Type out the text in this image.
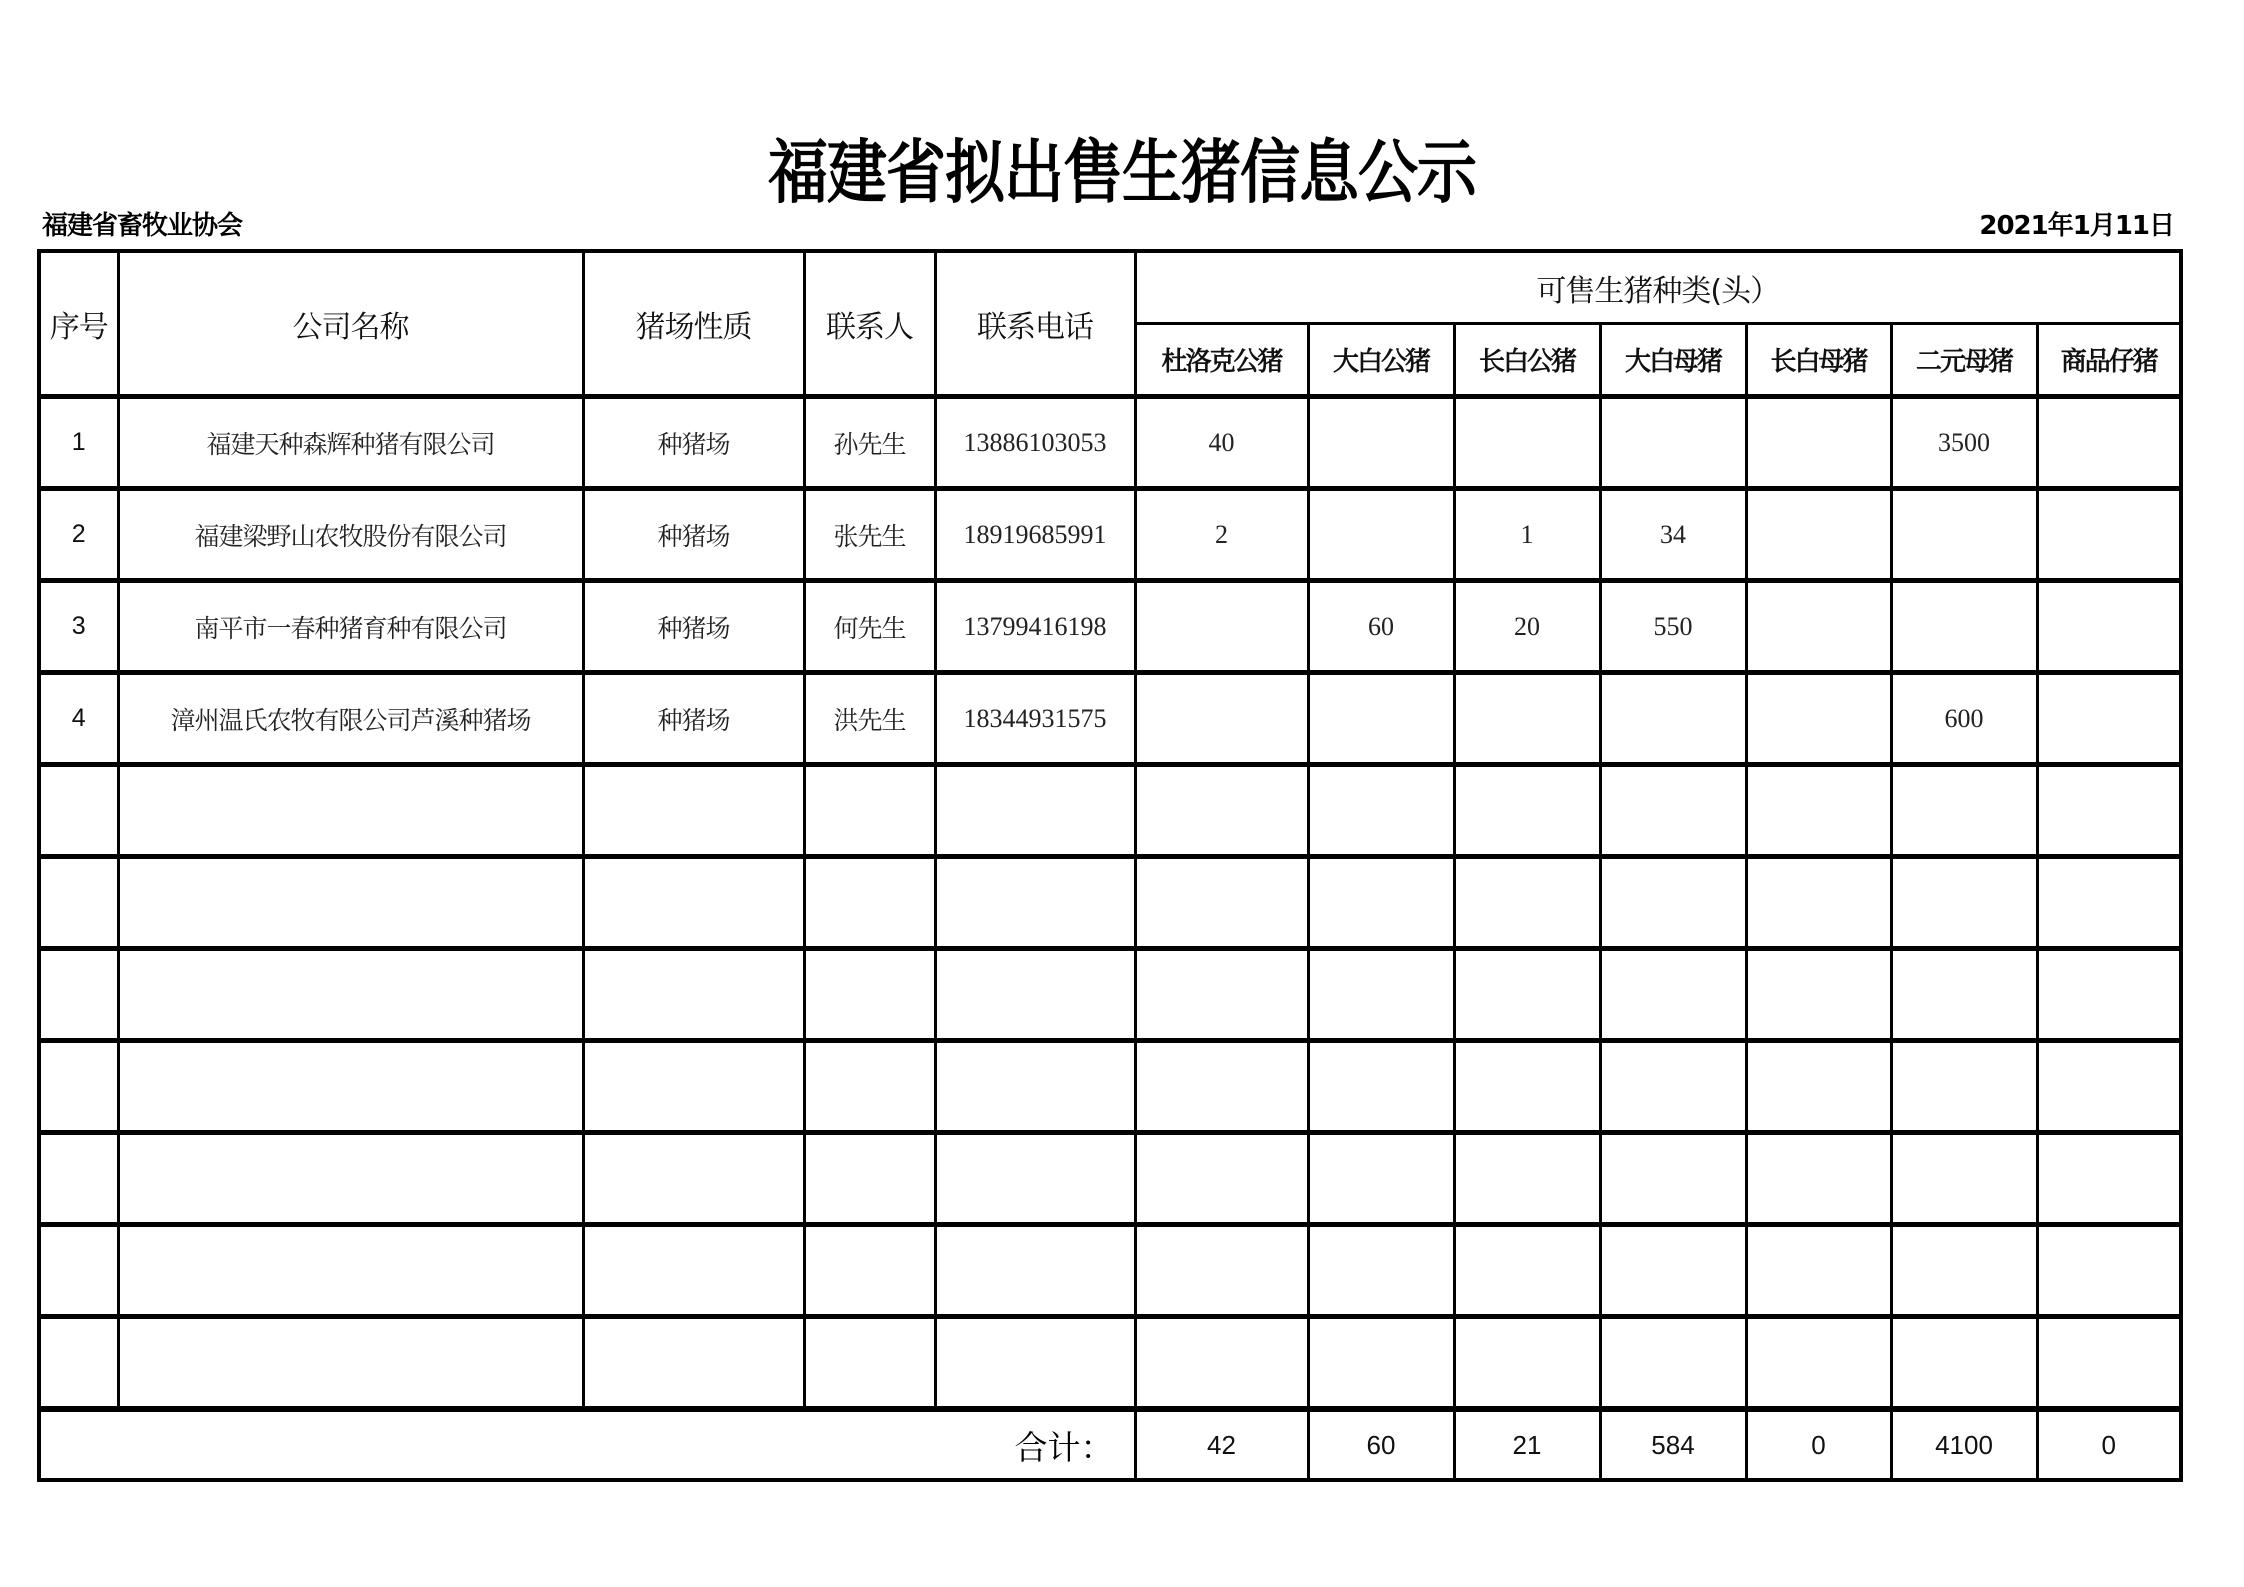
福建省拟出售生猪信息公示
福建省畜牧业协会	2021年1月11日
序号	公司名称	猪场性质	联系人	联系电话	可售生猪种类(头）						
					杜洛克公猪	大白公猪	长白公猪	大白母猪	长白母猪	二元母猪	商品仔猪
1	福建天种森辉种猪有限公司	种猪场	孙先生	13886103053	40					3500	
2	福建梁野山农牧股份有限公司	种猪场	张先生	18919685991	2		1	34			
3	南平市一春种猪育种有限公司	种猪场	何先生	13799416198		60	20	550			
4	漳州温氏农牧有限公司芦溪种猪场	种猪场	洪先生	18344931575						600	

合计：					42	60	21	584	0	4100	0
